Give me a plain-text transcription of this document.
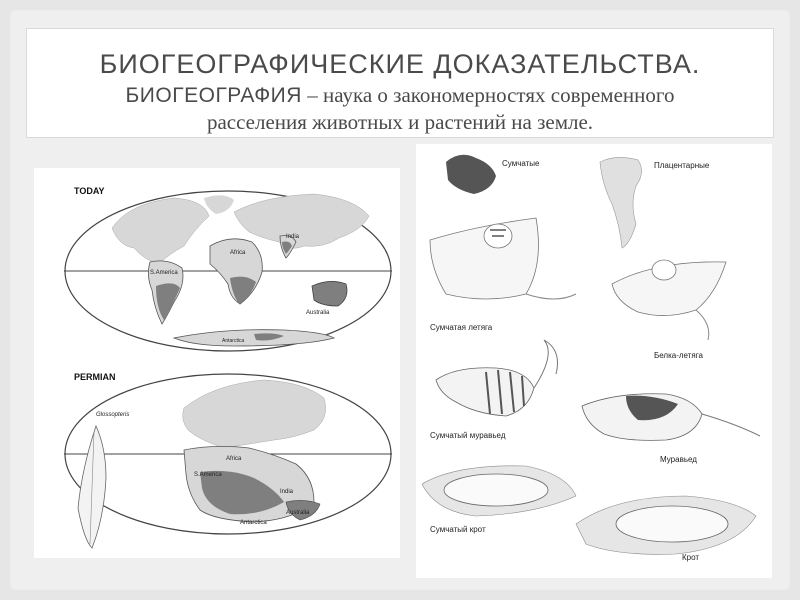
БИОГЕОГРАФИЧЕСКИЕ ДОКАЗАТЕЛЬСТВА.
БИОГЕОГРАФИЯ – наука о закономерностях современного
расселения животных и растений на земле.
TODAY
Africa
India
S.America
Australia
Antarctica
PERMIAN
Africa
S.America
India
Australia
Antarctica
Glossopteris
Сумчатые	Плацентарные
Сумчатая летяга
Белка-летяга
Сумчатый муравьед
Муравьед
Сумчатый крот
Крот
